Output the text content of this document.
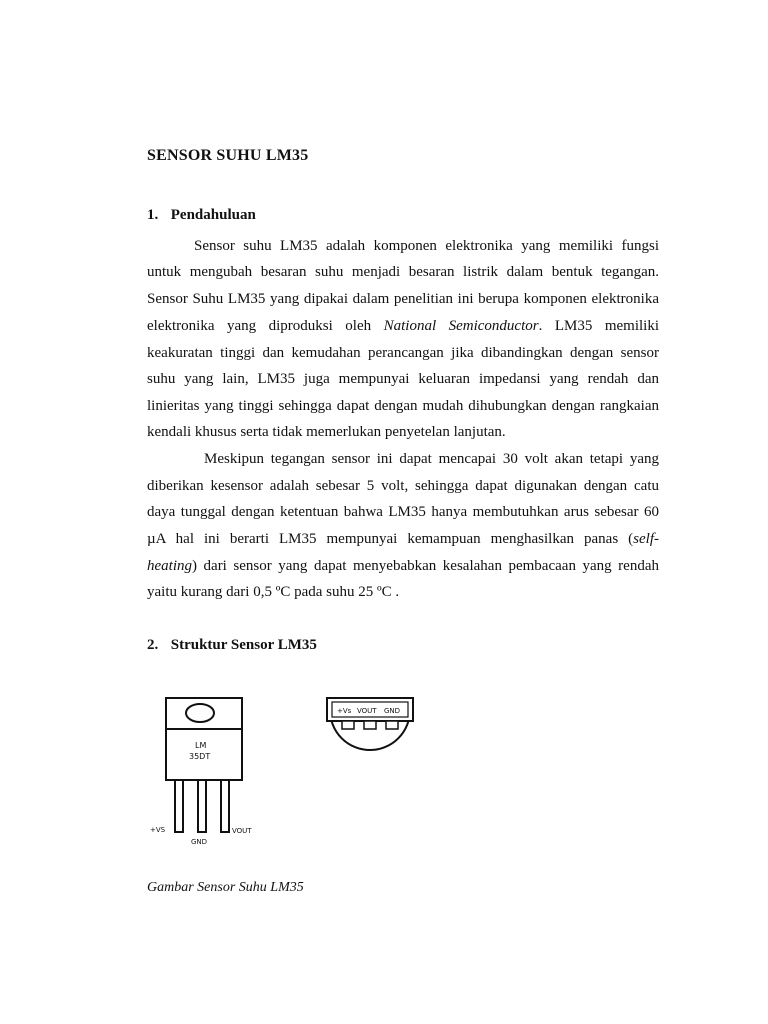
SENSOR SUHU LM35
1. Pendahuluan
Sensor suhu LM35 adalah komponen elektronika yang memiliki fungsi
untuk mengubah besaran suhu menjadi besaran listrik dalam bentuk tegangan.
Sensor Suhu LM35 yang dipakai dalam penelitian ini berupa komponen elektronika
elektronika yang diproduksi oleh National Semiconductor. LM35 memiliki
keakuratan tinggi dan kemudahan perancangan jika dibandingkan dengan sensor
suhu yang lain, LM35 juga mempunyai keluaran impedansi yang rendah dan
linieritas yang tinggi sehingga dapat dengan mudah dihubungkan dengan rangkaian
kendali khusus serta tidak memerlukan penyetelan lanjutan.
Meskipun tegangan sensor ini dapat mencapai 30 volt akan tetapi yang
diberikan kesensor adalah sebesar 5 volt, sehingga dapat digunakan dengan catu
daya tunggal dengan ketentuan bahwa LM35 hanya membutuhkan arus sebesar 60
µA hal ini berarti LM35 mempunyai kemampuan menghasilkan panas (self-
heating) dari sensor yang dapat menyebabkan kesalahan pembacaan yang rendah
yaitu kurang dari 0,5 ºC pada suhu 25 ºC .
2. Struktur Sensor LM35
LM
35DT
+VS
GND
VOUT
+Vs VOUT GND

Gambar Sensor Suhu LM35
